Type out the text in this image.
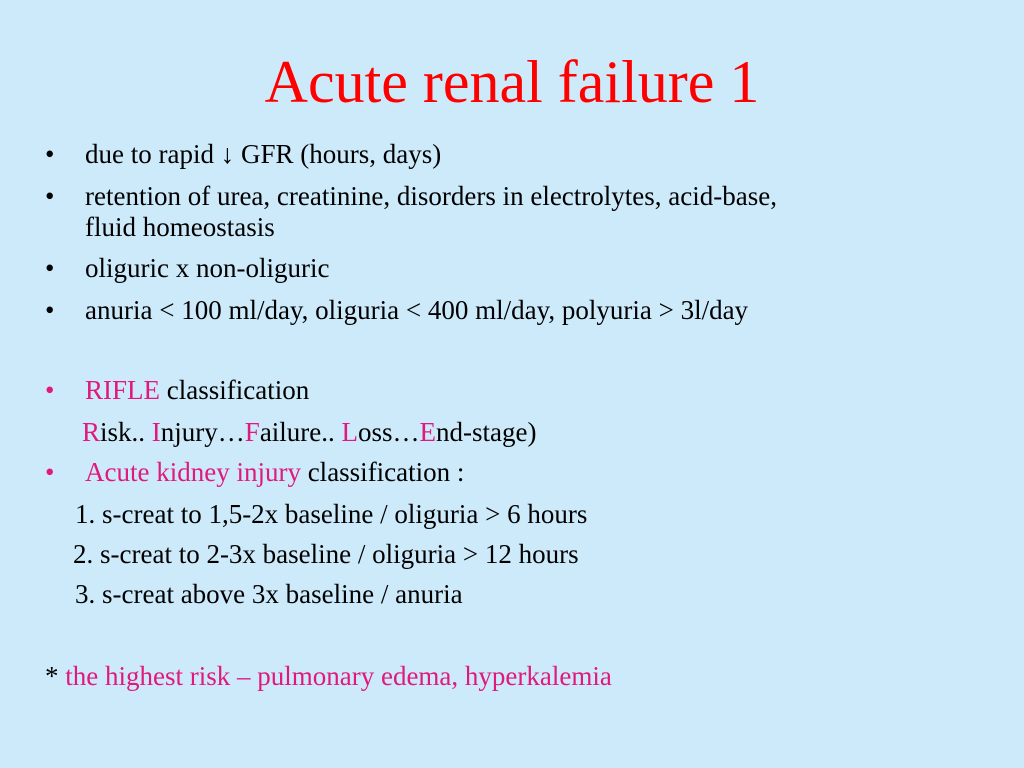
Acute renal failure 1
•	due to rapid ↓ GFR (hours, days)
•	retention of urea, creatinine, disorders in electrolytes, acid-base,
fluid homeostasis
•	oliguric x non-oliguric
•	anuria < 100 ml/day, oliguria < 400 ml/day, polyuria > 3l/day
•	RIFLE classification
Risk.. Injury…Failure.. Loss…End-stage)
•	Acute kidney injury classification :
1. s-creat to 1,5-2x baseline / oliguria > 6 hours
2. s-creat to 2-3x baseline / oliguria > 12 hours
3. s-creat above 3x baseline / anuria
* the highest risk – pulmonary edema, hyperkalemia
